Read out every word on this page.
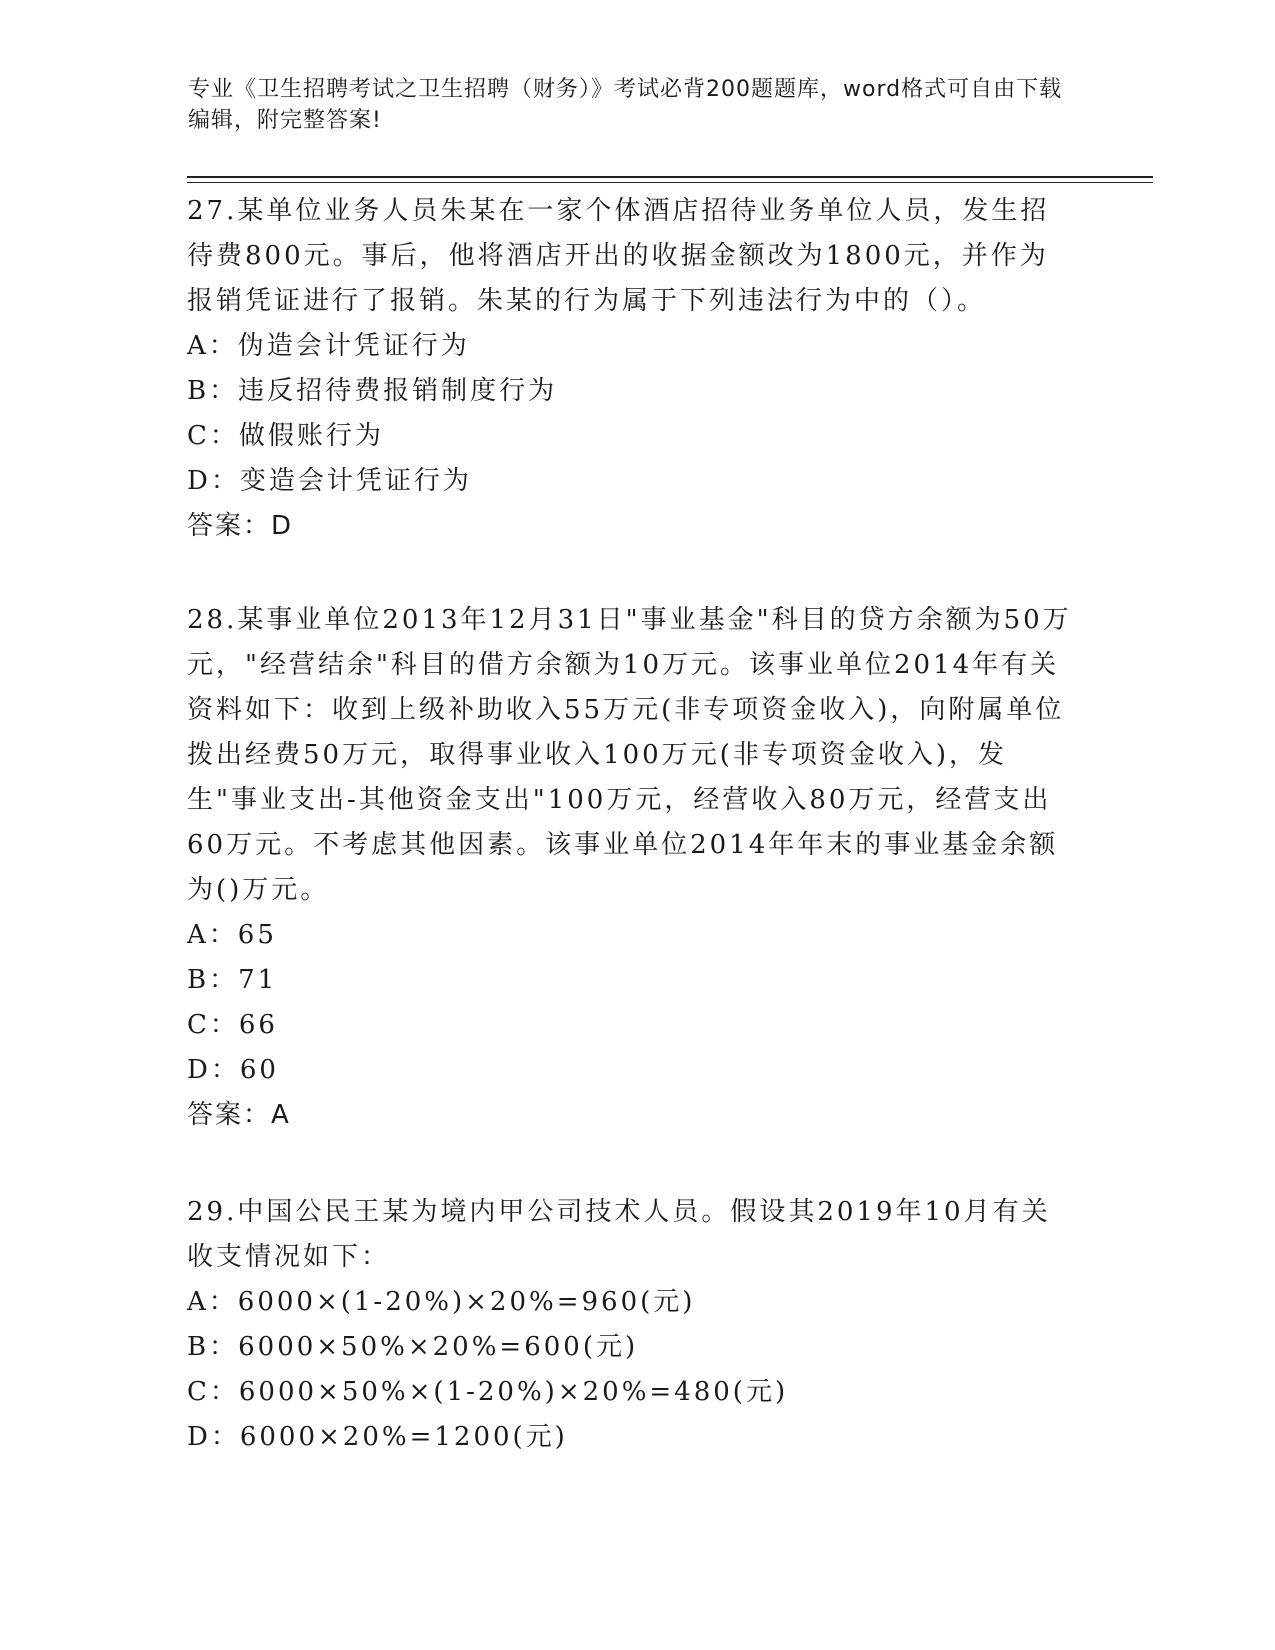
专业《卫生招聘考试之卫生招聘（财务）》考试必背200题题库，word格式可自由下载编辑，附完整答案!
27.某单位业务人员朱某在一家个体酒店招待业务单位人员，发生招待费800元。事后，他将酒店开出的收据金额改为1800元，并作为报销凭证进行了报销。朱某的行为属于下列违法行为中的（）。
A：伪造会计凭证行为
B：违反招待费报销制度行为
C：做假账行为
D：变造会计凭证行为
答案：D
28.某事业单位2013年12月31日"事业基金"科目的贷方余额为50万元，"经营结余"科目的借方余额为10万元。该事业单位2014年有关资料如下：收到上级补助收入55万元(非专项资金收入)，向附属单位拨出经费50万元，取得事业收入100万元(非专项资金收入)，发生"事业支出-其他资金支出"100万元，经营收入80万元，经营支出60万元。不考虑其他因素。该事业单位2014年年末的事业基金余额为()万元。
A：65
B：71
C：66
D：60
答案：A
29.中国公民王某为境内甲公司技术人员。假设其2019年10月有关收支情况如下：
A：6000×(1-20%)×20%=960(元)
B：6000×50%×20%=600(元)
C：6000×50%×(1-20%)×20%=480(元)
D：6000×20%=1200(元)
